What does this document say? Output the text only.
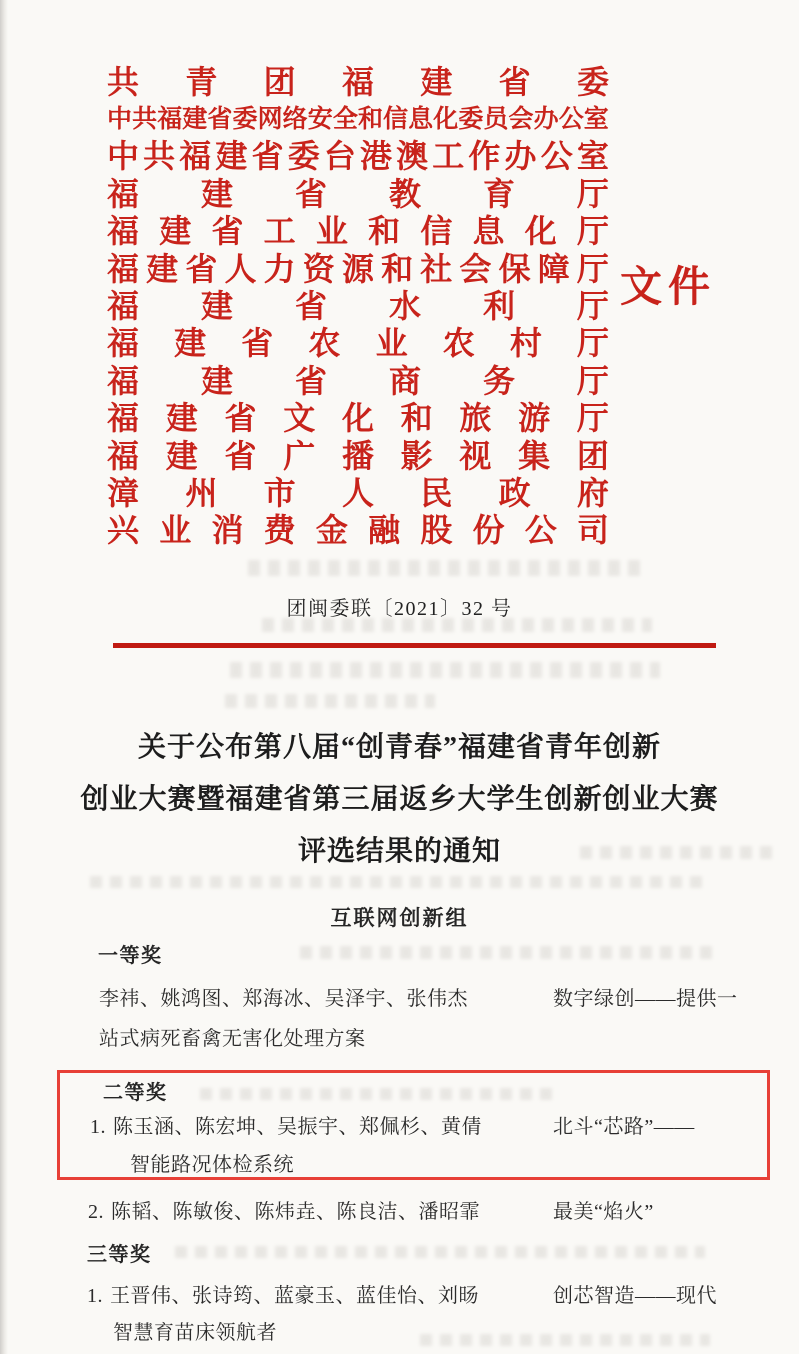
共 青 团 福 建 省 委
中 共 福 建 省 委 网 络 安 全 和 信 息 化 委 员 会 办 公 室
中 共 福 建 省 委 台 港 澳 工 作 办 公 室
福 建 省 教 育 厅
福 建 省 工 业 和 信 息 化 厅
福 建 省 人 力 资 源 和 社 会 保 障 厅
福 建 省 水 利 厅
福 建 省 农 业 农 村 厅
福 建 省 商 务 厅
福 建 省 文 化 和 旅 游 厅
福 建 省 广 播 影 视 集 团
漳 州 市 人 民 政 府
兴 业 消 费 金 融 股 份 公 司
文件
团闽委联〔2021〕32 号
关于公布第八届“创青春”福建省青年创新
创业大赛暨福建省第三届返乡大学生创新创业大赛
评选结果的通知
互联网创新组
一等奖
李祎、姚鸿图、郑海冰、吴泽宇、张伟杰	数字绿创——提供一
站式病死畜禽无害化处理方案
二等奖
1. 陈玉涵、陈宏坤、吴振宇、郑佩杉、黄倩	北斗“芯路”——
智能路况体检系统
2. 陈韬、陈敏俊、陈炜垚、陈良洁、潘昭霏	最美“焰火”
三等奖
1. 王晋伟、张诗筠、蓝豪玉、蓝佳怡、刘旸	创芯智造——现代
智慧育苗床领航者
